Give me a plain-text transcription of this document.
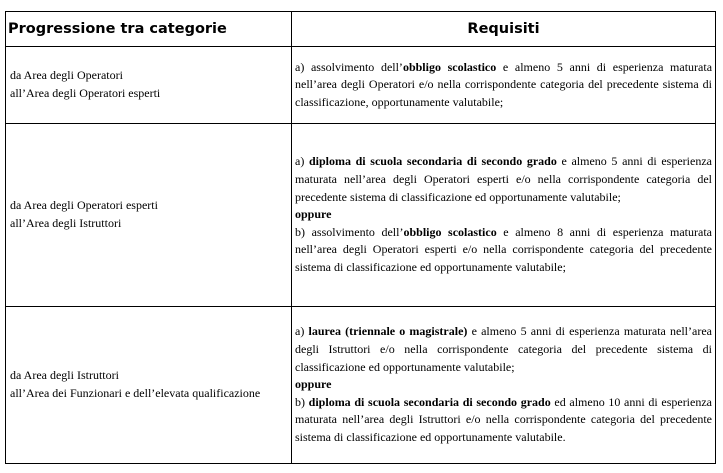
Progressione tra categorie	Requisiti

da Area degli Operatori
all’Area degli Operatori esperti	a) assolvimento dell’obbligo scolastico e almeno 5 anni di esperienza maturata nell’area degli Operatori e/o nella corrispondente categoria del precedente sistema di classificazione, opportunamente valutabile;

da Area degli Operatori esperti
all’Area degli Istruttori	a) diploma di scuola secondaria di secondo grado e almeno 5 anni di esperienza maturata nell’area degli Operatori esperti e/o nella corrispondente categoria del precedente sistema di classificazione ed opportunamente valutabile;
oppure
b) assolvimento dell’obbligo scolastico e almeno 8 anni di esperienza maturata nell’area degli Operatori esperti e/o nella corrispondente categoria del precedente sistema di classificazione ed opportunamente valutabile;

da Area degli Istruttori
all’Area dei Funzionari e dell’elevata qualificazione	a) laurea (triennale o magistrale) e almeno 5 anni di esperienza maturata nell’area degli Istruttori e/o nella corrispondente categoria del precedente sistema di classificazione ed opportunamente valutabile;
oppure
b) diploma di scuola secondaria di secondo grado ed almeno 10 anni di esperienza maturata nell’area degli Istruttori e/o nella corrispondente categoria del precedente sistema di classificazione ed opportunamente valutabile.
